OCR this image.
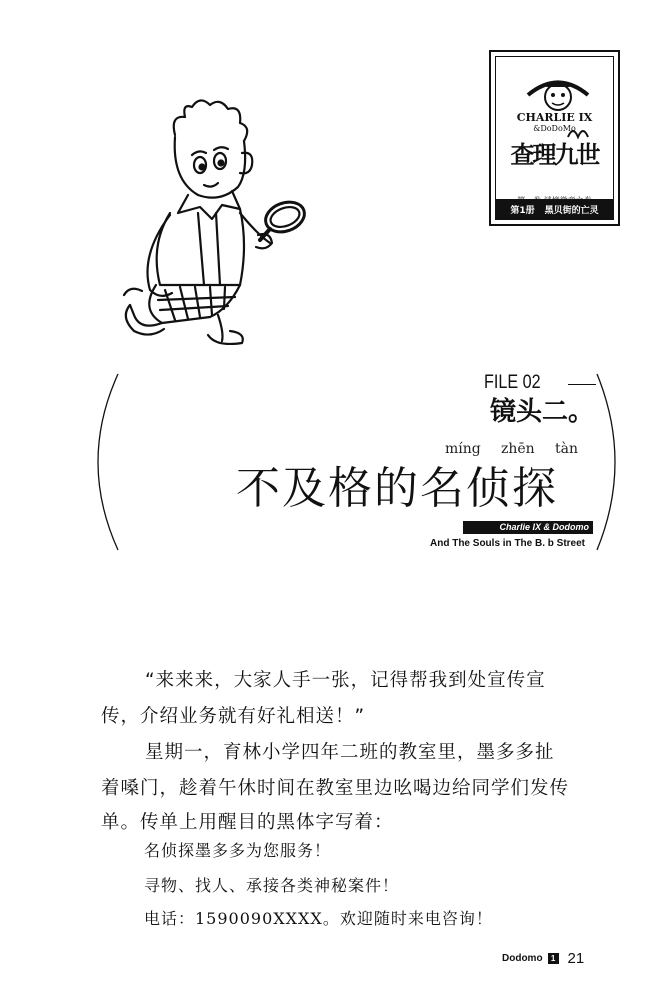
CHARLIE IX
&DoDoMo
查理九世
第1册 黑贝街的亡灵
FILE 02
镜头二。
míng zhēn tàn
不及格的名侦探
Charlie IX & Dodomo
And The Souls in The B. b Street
“来来来，大家人手一张，记得帮我到处宣传宣
传，介绍业务就有好礼相送！”
星期一，育林小学四年二班的教室里，墨多多扯
着嗓门，趁着午休时间在教室里边吆喝边给同学们发传
单。传单上用醒目的黑体字写着：
名侦探墨多多为您服务！
寻物、找人、承接各类神秘案件！
电话：1590090XXXX。欢迎随时来电咨询！
Dodomo	1 21
